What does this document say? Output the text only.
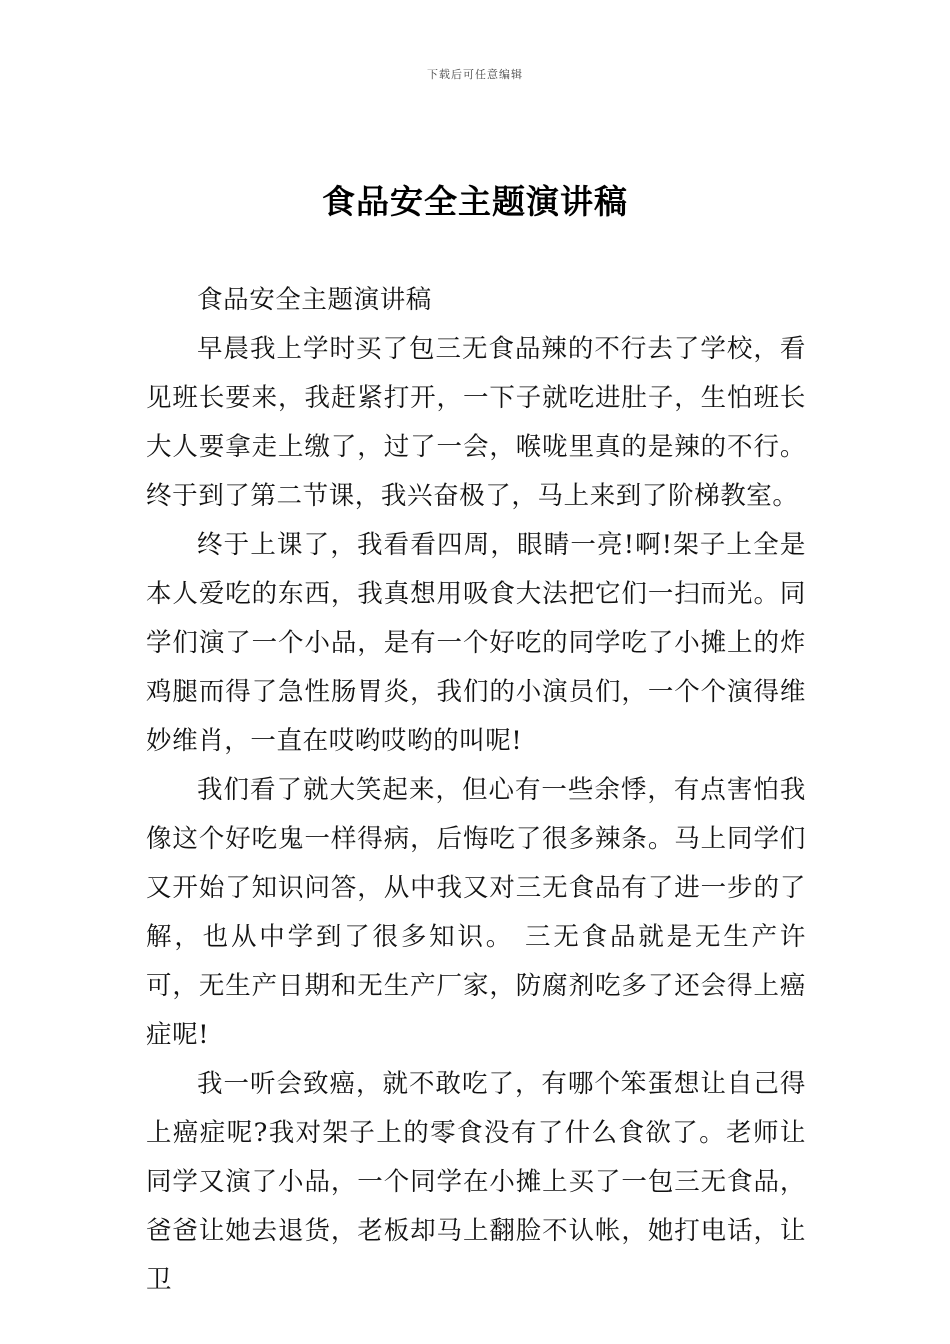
下载后可任意编辑
食品安全主题演讲稿

食品安全主题演讲稿

早晨我上学时买了包三无食品辣的不行去了学校，看见班长要来，我赶紧打开，一下子就吃进肚子，生怕班长大人要拿走上缴了，过了一会，喉咙里真的是辣的不行。终于到了第二节课，我兴奋极了，马上来到了阶梯教室。

终于上课了，我看看四周，眼睛一亮!啊!架子上全是本人爱吃的东西，我真想用吸食大法把它们一扫而光。同学们演了一个小品，是有一个好吃的同学吃了小摊上的炸鸡腿而得了急性肠胃炎，我们的小演员们，一个个演得维妙维肖，一直在哎哟哎哟的叫呢!

我们看了就大笑起来，但心有一些余悸，有点害怕我像这个好吃鬼一样得病，后悔吃了很多辣条。马上同学们又开始了知识问答，从中我又对三无食品有了进一步的了解，也从中学到了很多知识。 三无食品就是无生产许可，无生产日期和无生产厂家，防腐剂吃多了还会得上癌症呢!

我一听会致癌，就不敢吃了，有哪个笨蛋想让自己得上癌症呢?我对架子上的零食没有了什么食欲了。老师让同学又演了小品，一个同学在小摊上买了一包三无食品，爸爸让她去退货，老板却马上翻脸不认帐，她打电话，让卫
